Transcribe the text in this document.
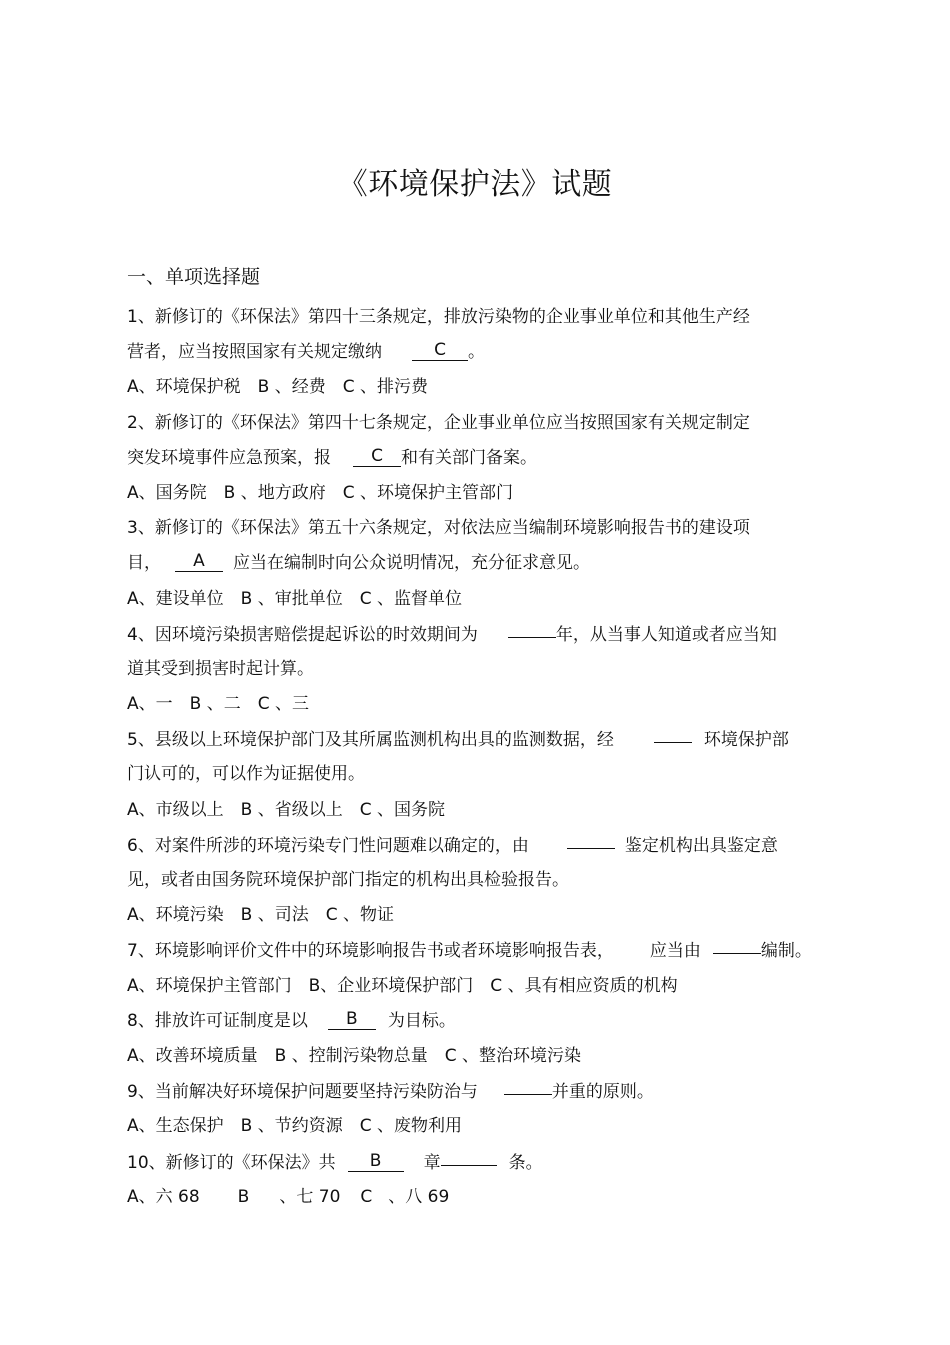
《环境保护法》试题
一、单项选择题
1、新修订的《环保法》第四十三条规定，排放污染物的企业事业单位和其他生产经
营者，应当按照国家有关规定缴纳	C 。
A、环境保护税　B 、经费　C 、排污费
2、新修订的《环保法》第四十七条规定，企业事业单位应当按照国家有关规定制定
突发环境事件应急预案，报 C 和有关部门备案。
A、国务院　B 、地方政府　C 、环境保护主管部门
3、新修订的《环保法》第五十六条规定，对依法应当编制环境影响报告书的建设项
目， A 应当在编制时向公众说明情况，充分征求意见。
A、建设单位　B 、审批单位　C 、监督单位
4、因环境污染损害赔偿提起诉讼的时效期间为	年，从当事人知道或者应当知
道其受到损害时起计算。
A、一　B 、二　C 、三
5、县级以上环境保护部门及其所属监测机构出具的监测数据，经	环境保护部
门认可的，可以作为证据使用。
A、市级以上　B 、省级以上　C 、国务院
6、对案件所涉的环境污染专门性问题难以确定的，由	鉴定机构出具鉴定意
见，或者由国务院环境保护部门指定的机构出具检验报告。
A、环境污染　B 、司法　C 、物证
7、环境影响评价文件中的环境影响报告书或者环境影响报告表， 应当由	编制。
A、环境保护主管部门　B、企业环境保护部门　C 、具有相应资质的机构
8、排放许可证制度是以 B 为目标。
A、改善环境质量　B 、控制污染物总量　C 、整治环境污染
9、当前解决好环境保护问题要坚持污染防治与	并重的原则。
A、生态保护　B 、节约资源　C 、废物利用
10、新修订的《环保法》共 B 章	条。
A、六 68 B 、七 70 C 、八 69
